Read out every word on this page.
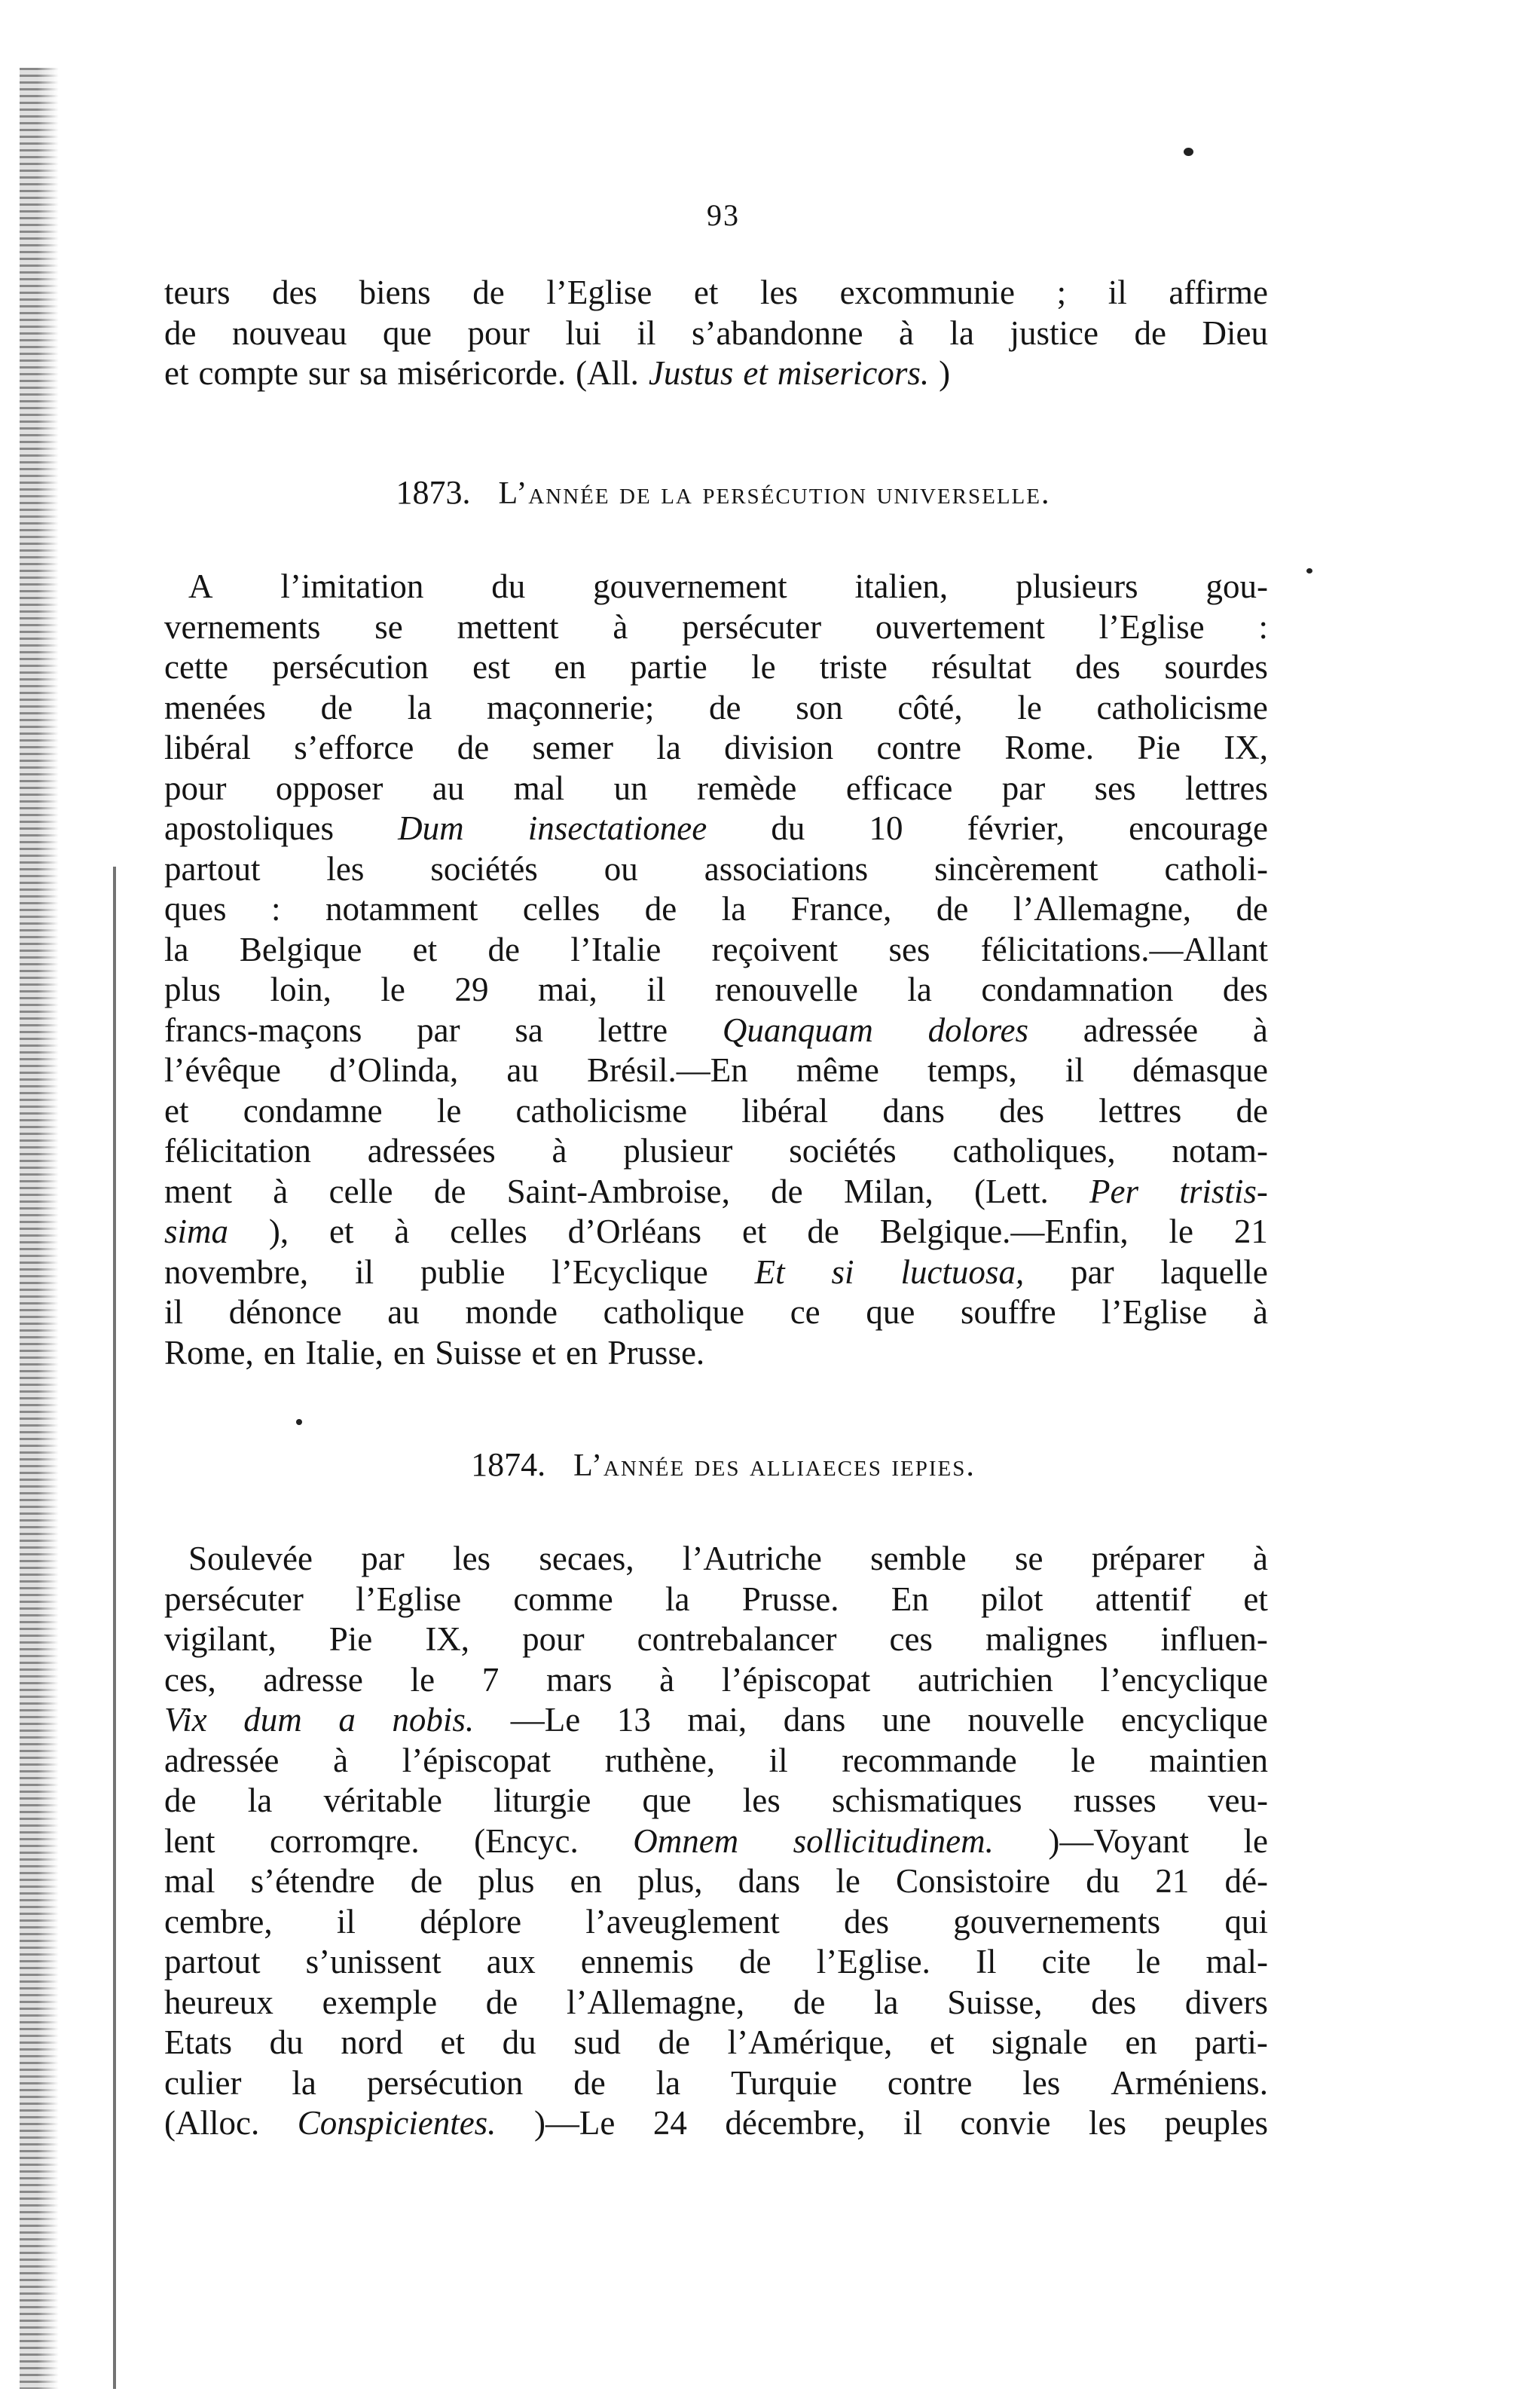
93
teurs des biens de l’Eglise et les excommunie ; il affirme
de nouveau que pour lui il s’abandonne à la justice de Dieu
et compte sur sa miséricorde. (All. Justus et misericors. )
1873. L’année de la persécution universelle.
A l’imitation du gouvernement italien, plusieurs gou-
vernements se mettent à persécuter ouvertement l’Eglise :
cette persécution est en partie le triste résultat des sourdes
menées de la maçonnerie; de son côté, le catholicisme
libéral s’efforce de semer la division contre Rome. Pie IX,
pour opposer au mal un remède efficace par ses lettres
apostoliques Dum insectationee du 10 février, encourage
partout les sociétés ou associations sincèrement catholi-
ques : notamment celles de la France, de l’Allemagne, de
la Belgique et de l’Italie reçoivent ses félicitations.—Allant
plus loin, le 29 mai, il renouvelle la condamnation des
francs-maçons par sa lettre Quanquam dolores adressée à
l’évêque d’Olinda, au Brésil.—En même temps, il démasque
et condamne le catholicisme libéral dans des lettres de
félicitation adressées à plusieur sociétés catholiques, notam-
ment à celle de Saint-Ambroise, de Milan, (Lett. Per tristis-
sima ), et à celles d’Orléans et de Belgique.—Enfin, le 21
novembre, il publie l’Ecyclique Et si luctuosa, par laquelle
il dénonce au monde catholique ce que souffre l’Eglise à
Rome, en Italie, en Suisse et en Prusse.
1874. L’année des alliaeces iepies.
Soulevée par les secaes, l’Autriche semble se préparer à
persécuter l’Eglise comme la Prusse. En pilot attentif et
vigilant, Pie IX, pour contrebalancer ces malignes influen-
ces, adresse le 7 mars à l’épiscopat autrichien l’encyclique
Vix dum a nobis. —Le 13 mai, dans une nouvelle encyclique
adressée à l’épiscopat ruthène, il recommande le maintien
de la véritable liturgie que les schismatiques russes veu-
lent corromqre. (Encyc. Omnem sollicitudinem. )—Voyant le
mal s’étendre de plus en plus, dans le Consistoire du 21 dé-
cembre, il déplore l’aveuglement des gouvernements qui
partout s’unissent aux ennemis de l’Eglise. Il cite le mal-
heureux exemple de l’Allemagne, de la Suisse, des divers
Etats du nord et du sud de l’Amérique, et signale en parti-
culier la persécution de la Turquie contre les Arméniens.
(Alloc. Conspicientes. )—Le 24 décembre, il convie les peuples
